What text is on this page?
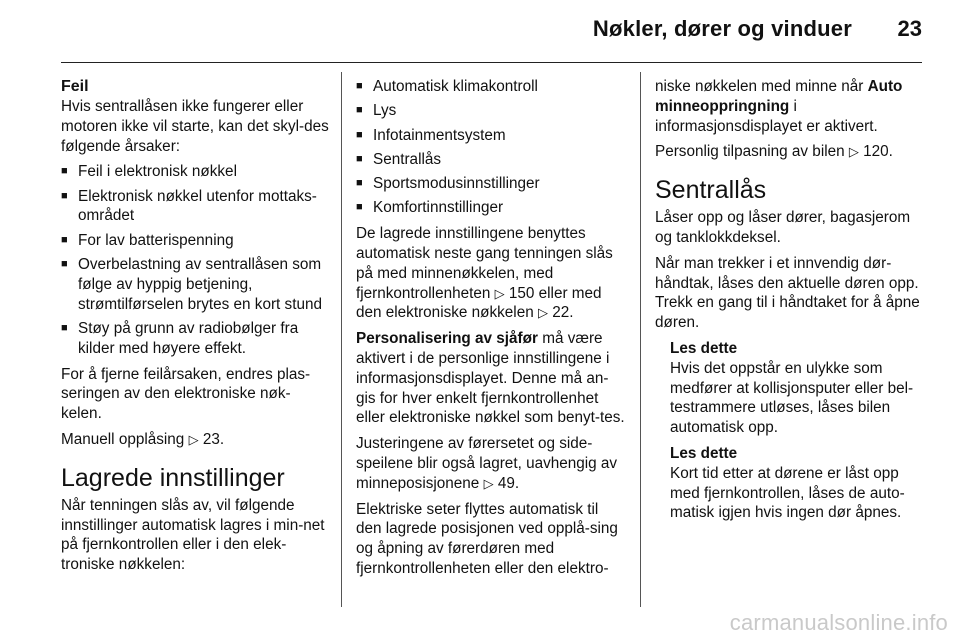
Nøkler, dører og vinduer 23
Feil

Hvis sentrallåsen ikke fungerer eller motoren ikke vil starte, kan det skyl-des følgende årsaker:

■ Feil i elektronisk nøkkel
■ Elektronisk nøkkel utenfor mottaks-området
■ For lav batterispenning
■ Overbelastning av sentrallåsen som følge av hyppig betjening, strømtilførselen brytes en kort stund
■ Støy på grunn av radiobølger fra kilder med høyere effekt.

For å fjerne feilårsaken, endres plas-seringen av den elektroniske nøk-kelen.

Manuell opplåsing ▷ 23.

Lagrede innstillinger

Når tenningen slås av, vil følgende innstillinger automatisk lagres i min-net på fjernkontrollen eller i den elek-troniske nøkkelen:

■ Automatisk klimakontroll
■ Lys
■ Infotainmentsystem
■ Sentrallås
■ Sportsmodusinnstillinger
■ Komfortinnstillinger

De lagrede innstillingene benyttes automatisk neste gang tenningen slås på med minnenøkkelen, med fjernkontrollenheten ▷ 150 eller med den elektroniske nøkkelen ▷ 22.

Personalisering av sjåfør må være aktivert i de personlige innstillingene i informasjonsdisplayet. Denne må an-gis for hver enkelt fjernkontrollenhet eller elektroniske nøkkel som benyt-tes.

Justeringene av førersetet og side-speilene blir også lagret, uavhengig av minneposisjonene ▷ 49.

Elektriske seter flyttes automatisk til den lagrede posisjonen ved opplå-sing og åpning av førerdøren med fjernkontrollenheten eller den elektro-

niske nøkkelen med minne når Auto minneoppringning i informasjonsdisplayet er aktivert.

Personlig tilpasning av bilen ▷ 120.

Sentrallås

Låser opp og låser dører, bagasjerom og tanklokkdeksel.

Når man trekker i et innvendig dør-håndtak, låses den aktuelle døren opp. Trekk en gang til i håndtaket for å åpne døren.

Les dette
Hvis det oppstår en ulykke som medfører at kollisjonsputer eller bel-testrammere utløses, låses bilen automatisk opp.
Les dette
Kort tid etter at dørene er låst opp med fjernkontrollen, låses de auto-matisk igjen hvis ingen dør åpnes.
carmanualsonline.info
